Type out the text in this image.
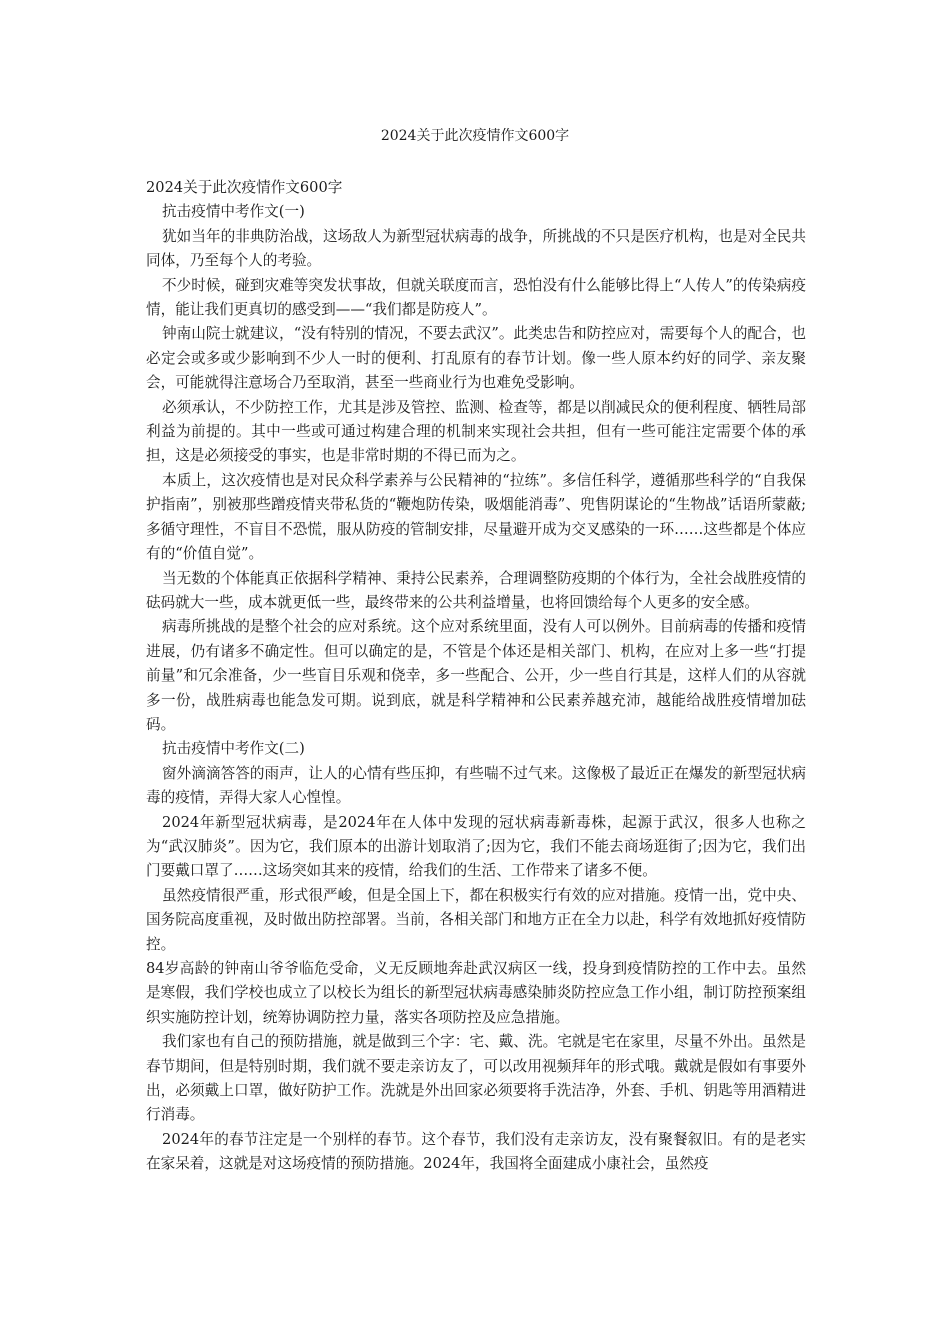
2024关于此次疫情作文600字

2024关于此次疫情作文600字

抗击疫情中考作文(一)

犹如当年的非典防治战，这场敌人为新型冠状病毒的战争，所挑战的不只是医疗机构，也是对全民共同体，乃至每个人的考验。

不少时候，碰到灾难等突发状事故，但就关联度而言，恐怕没有什么能够比得上“人传人”的传染病疫情，能让我们更真切的感受到——“我们都是防疫人”。

钟南山院士就建议，“没有特别的情况，不要去武汉”。此类忠告和防控应对，需要每个人的配合，也必定会或多或少影响到不少人一时的便利、打乱原有的春节计划。像一些人原本约好的同学、亲友聚会，可能就得注意场合乃至取消，甚至一些商业行为也难免受影响。

必须承认，不少防控工作，尤其是涉及管控、监测、检查等，都是以削减民众的便利程度、牺牲局部利益为前提的。其中一些或可通过构建合理的机制来实现社会共担，但有一些可能注定需要个体的承担，这是必须接受的事实，也是非常时期的不得已而为之。

本质上，这次疫情也是对民众科学素养与公民精神的“拉练”。多信任科学，遵循那些科学的“自我保护指南”，别被那些蹭疫情夹带私货的“鞭炮防传染，吸烟能消毒”、兜售阴谋论的“生物战”话语所蒙蔽;多循守理性，不盲目不恐慌，服从防疫的管制安排，尽量避开成为交叉感染的一环……这些都是个体应有的“价值自觉”。

当无数的个体能真正依据科学精神、秉持公民素养，合理调整防疫期的个体行为，全社会战胜疫情的砝码就大一些，成本就更低一些，最终带来的公共利益增量，也将回馈给每个人更多的安全感。

病毒所挑战的是整个社会的应对系统。这个应对系统里面，没有人可以例外。目前病毒的传播和疫情进展，仍有诸多不确定性。但可以确定的是，不管是个体还是相关部门、机构，在应对上多一些“打提前量”和冗余准备，少一些盲目乐观和侥幸，多一些配合、公开，少一些自行其是，这样人们的从容就多一份，战胜病毒也能急发可期。说到底，就是科学精神和公民素养越充沛，越能给战胜疫情增加砝码。

抗击疫情中考作文(二)

窗外滴滴答答的雨声，让人的心情有些压抑，有些喘不过气来。这像极了最近正在爆发的新型冠状病毒的疫情，弄得大家人心惶惶。

2024年新型冠状病毒，是2024年在人体中发现的冠状病毒新毒株，起源于武汉，很多人也称之为“武汉肺炎”。因为它，我们原本的出游计划取消了;因为它，我们不能去商场逛街了;因为它，我们出门要戴口罩了……这场突如其来的疫情，给我们的生活、工作带来了诸多不便。

虽然疫情很严重，形式很严峻，但是全国上下，都在积极实行有效的应对措施。疫情一出，党中央、国务院高度重视，及时做出防控部署。当前，各相关部门和地方正在全力以赴，科学有效地抓好疫情防控。

84岁高龄的钟南山爷爷临危受命，义无反顾地奔赴武汉病区一线，投身到疫情防控的工作中去。虽然是寒假，我们学校也成立了以校长为组长的新型冠状病毒感染肺炎防控应急工作小组，制订防控预案组织实施防控计划，统筹协调防控力量，落实各项防控及应急措施。

我们家也有自己的预防措施，就是做到三个字：宅、戴、洗。宅就是宅在家里，尽量不外出。虽然是春节期间，但是特别时期，我们就不要走亲访友了，可以改用视频拜年的形式哦。戴就是假如有事要外出，必须戴上口罩，做好防护工作。洗就是外出回家必须要将手洗洁净，外套、手机、钥匙等用酒精进行消毒。

2024年的春节注定是一个别样的春节。这个春节，我们没有走亲访友，没有聚餐叙旧。有的是老实在家呆着，这就是对这场疫情的预防措施。2024年，我国将全面建成小康社会，虽然疫
